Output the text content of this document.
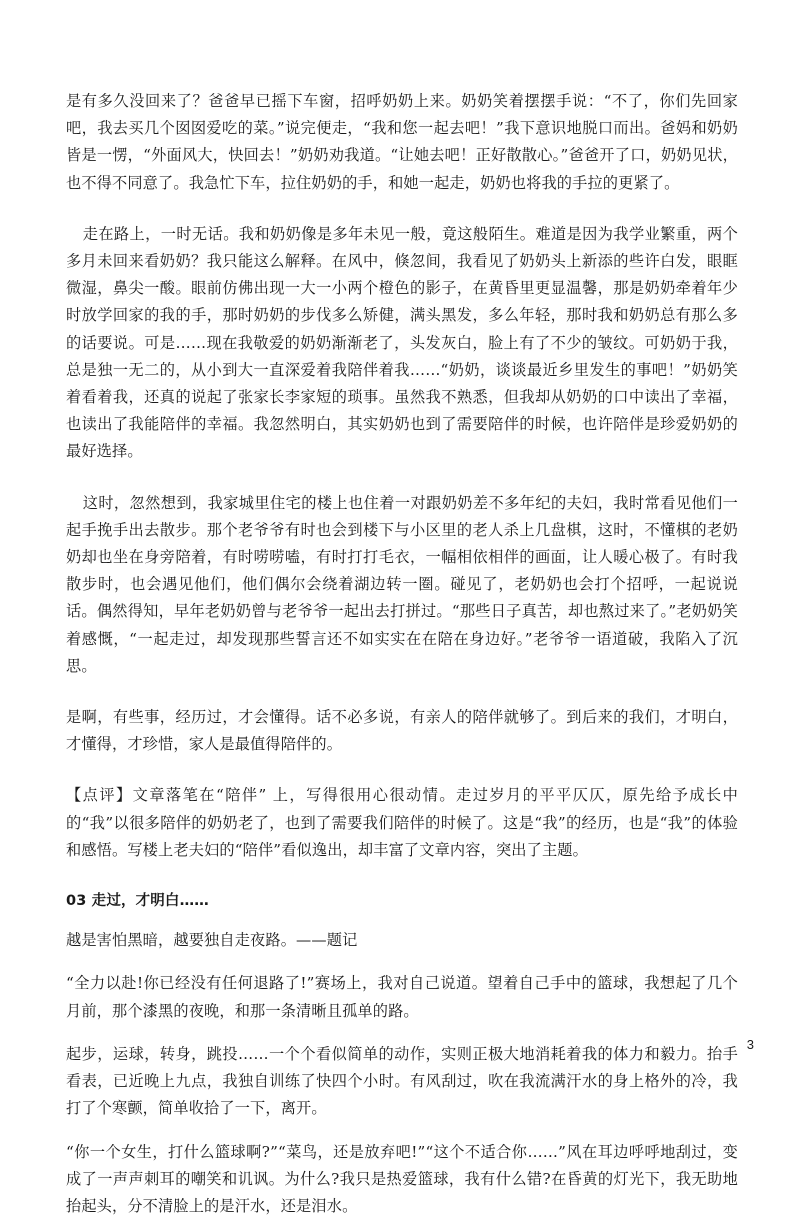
是有多久没回来了？爸爸早已摇下车窗，招呼奶奶上来。奶奶笑着摆摆手说：“不了，你们先回家吧，我去买几个囡囡爱吃的菜。”说完便走，“我和您一起去吧！”我下意识地脱口而出。爸妈和奶奶皆是一愣，“外面风大，快回去！”奶奶劝我道。“让她去吧！正好散散心。”爸爸开了口，奶奶见状，也不得不同意了。我急忙下车，拉住奶奶的手，和她一起走，奶奶也将我的手拉的更紧了。

走在路上，一时无话。我和奶奶像是多年未见一般，竟这般陌生。难道是因为我学业繁重，两个多月未回来看奶奶？我只能这么解释。在风中，倏忽间，我看见了奶奶头上新添的些许白发，眼眶微湿，鼻尖一酸。眼前仿佛出现一大一小两个橙色的影子，在黄昏里更显温馨，那是奶奶牵着年少时放学回家的我的手，那时奶奶的步伐多么矫健，满头黑发，多么年轻，那时我和奶奶总有那么多的话要说。可是……现在我敬爱的奶奶渐渐老了，头发灰白，脸上有了不少的皱纹。可奶奶于我，总是独一无二的，从小到大一直深爱着我陪伴着我……“奶奶，谈谈最近乡里发生的事吧！”奶奶笑着看着我，还真的说起了张家长李家短的琐事。虽然我不熟悉，但我却从奶奶的口中读出了幸福，也读出了我能陪伴的幸福。我忽然明白，其实奶奶也到了需要陪伴的时候，也许陪伴是珍爱奶奶的最好选择。

这时，忽然想到，我家城里住宅的楼上也住着一对跟奶奶差不多年纪的夫妇，我时常看见他们一起手挽手出去散步。那个老爷爷有时也会到楼下与小区里的老人杀上几盘棋，这时，不懂棋的老奶奶却也坐在身旁陪着，有时唠唠嗑，有时打打毛衣，一幅相依相伴的画面，让人暖心极了。有时我散步时，也会遇见他们，他们偶尔会绕着湖边转一圈。碰见了，老奶奶也会打个招呼，一起说说话。偶然得知，早年老奶奶曾与老爷爷一起出去打拼过。“那些日子真苦，却也熬过来了。”老奶奶笑着感慨，“一起走过，却发现那些誓言还不如实实在在陪在身边好。”老爷爷一语道破，我陷入了沉思。

是啊，有些事，经历过，才会懂得。话不必多说，有亲人的陪伴就够了。到后来的我们，才明白，才懂得，才珍惜，家人是最值得陪伴的。

【点评】文章落笔在“陪伴” 上，写得很用心很动情。走过岁月的平平仄仄，原先给予成长中的“我”以很多陪伴的奶奶老了，也到了需要我们陪伴的时候了。这是“我”的经历，也是“我”的体验和感悟。写楼上老夫妇的“陪伴”看似逸出，却丰富了文章内容，突出了主题。

03 走过，才明白……

越是害怕黑暗，越要独自走夜路。——题记

“全力以赴!你已经没有任何退路了!”赛场上，我对自己说道。望着自己手中的篮球，我想起了几个月前，那个漆黑的夜晚，和那一条清晰且孤单的路。

起步，运球，转身，跳投……一个个看似简单的动作，实则正极大地消耗着我的体力和毅力。抬手看表，已近晚上九点，我独自训练了快四个小时。有风刮过，吹在我流满汗水的身上格外的冷，我打了个寒颤，简单收拾了一下，离开。

“你一个女生，打什么篮球啊?”“菜鸟，还是放弃吧!”“这个不适合你……”风在耳边呼呼地刮过，变成了一声声刺耳的嘲笑和讥讽。为什么?我只是热爱篮球，我有什么错?在昏黄的灯光下，我无助地抬起头，分不清脸上的是汗水，还是泪水。

3
